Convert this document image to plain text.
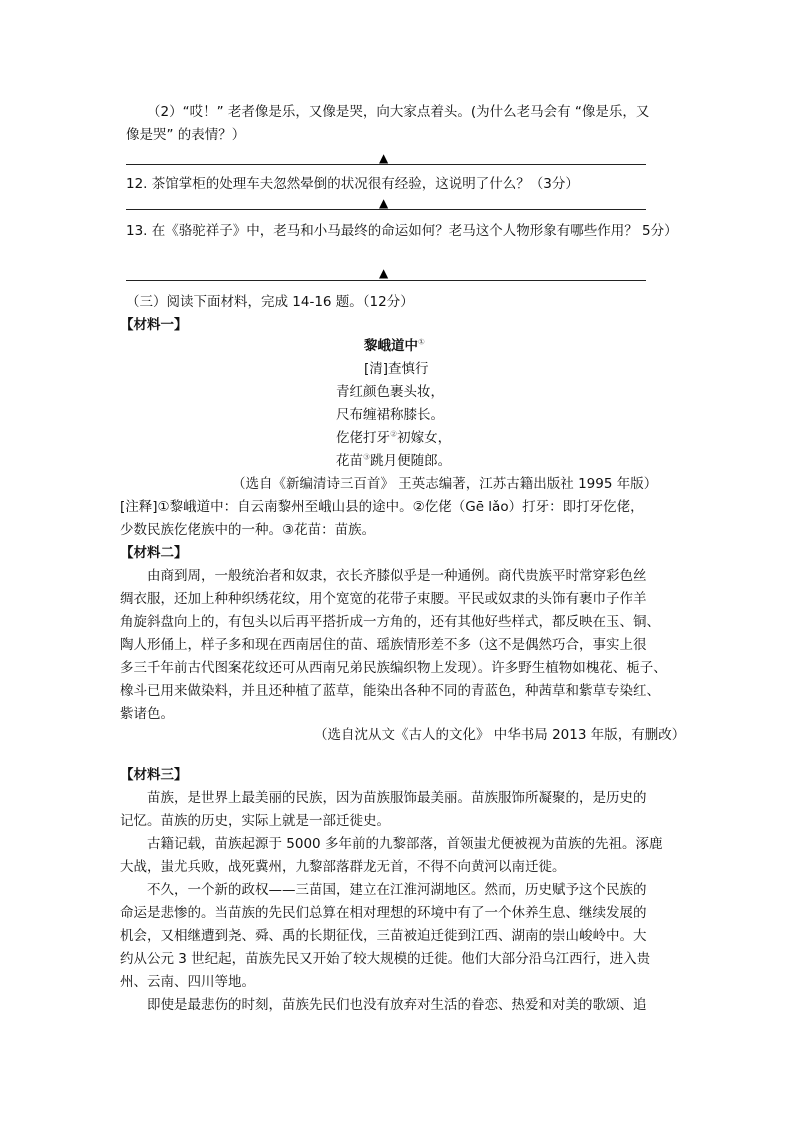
（2）“哎！” 老者像是乐，又像是哭，向大家点着头。(为什么老马会有 “像是乐，又
像是哭” 的表情？）
▲
12. 茶馆掌柜的处理车夫忽然晕倒的状况很有经验，这说明了什么？（3分）
▲
13. 在《骆驼祥子》中，老马和小马最终的命运如何？老马这个人物形象有哪些作用？ 5分）
▲
（三）阅读下面材料，完成 14-16 题。（12分）
【材料一】
黎峨道中①
[清]查慎行
青红颜色裹头妆，
尺布缠裙称膝长。
仡佬打牙②初嫁女，
花苗③跳月便随郎。
（选自《新编清诗三百首》 王英志编著，江苏古籍出版社 1995 年版）
[注释]①黎峨道中：自云南黎州至峨山县的途中。②仡佬（Gē lǎo）打牙：即打牙仡佬，
少数民族仡佬族中的一种。③花苗：苗族。
【材料二】
由商到周，一般统治者和奴隶，衣长齐膝似乎是一种通例。商代贵族平时常穿彩色丝
绸衣服，还加上种种织绣花纹，用个宽宽的花带子束腰。平民或奴隶的头饰有裹巾子作羊
角旋斜盘向上的，有包头以后再平搭折成一方角的，还有其他好些样式，都反映在玉、铜、
陶人形俑上，样子多和现在西南居住的苗、瑶族情形差不多（这不是偶然巧合，事实上很
多三千年前古代图案花纹还可从西南兄弟民族编织物上发现）。许多野生植物如槐花、栀子、
橡斗已用来做染料，并且还种植了蓝草，能染出各种不同的青蓝色，种茜草和紫草专染红、
紫诸色。
（选自沈从文《古人的文化》 中华书局 2013 年版，有删改）
【材料三】
苗族，是世界上最美丽的民族，因为苗族服饰最美丽。苗族服饰所凝聚的，是历史的
记忆。苗族的历史，实际上就是一部迁徙史。
古籍记载，苗族起源于 5000 多年前的九黎部落，首领蚩尤便被视为苗族的先祖。涿鹿
大战，蚩尤兵败，战死冀州，九黎部落群龙无首，不得不向黄河以南迁徙。
不久，一个新的政权——三苗国，建立在江淮河湖地区。然而，历史赋予这个民族的
命运是悲惨的。当苗族的先民们总算在相对理想的环境中有了一个休养生息、继续发展的
机会，又相继遭到尧、舜、禹的长期征伐，三苗被迫迁徙到江西、湖南的崇山峻岭中。大
约从公元 3 世纪起，苗族先民又开始了较大规模的迁徙。他们大部分沿乌江西行，进入贵
州、云南、四川等地。
即使是最悲伤的时刻，苗族先民们也没有放弃对生活的眷恋、热爱和对美的歌颂、追
